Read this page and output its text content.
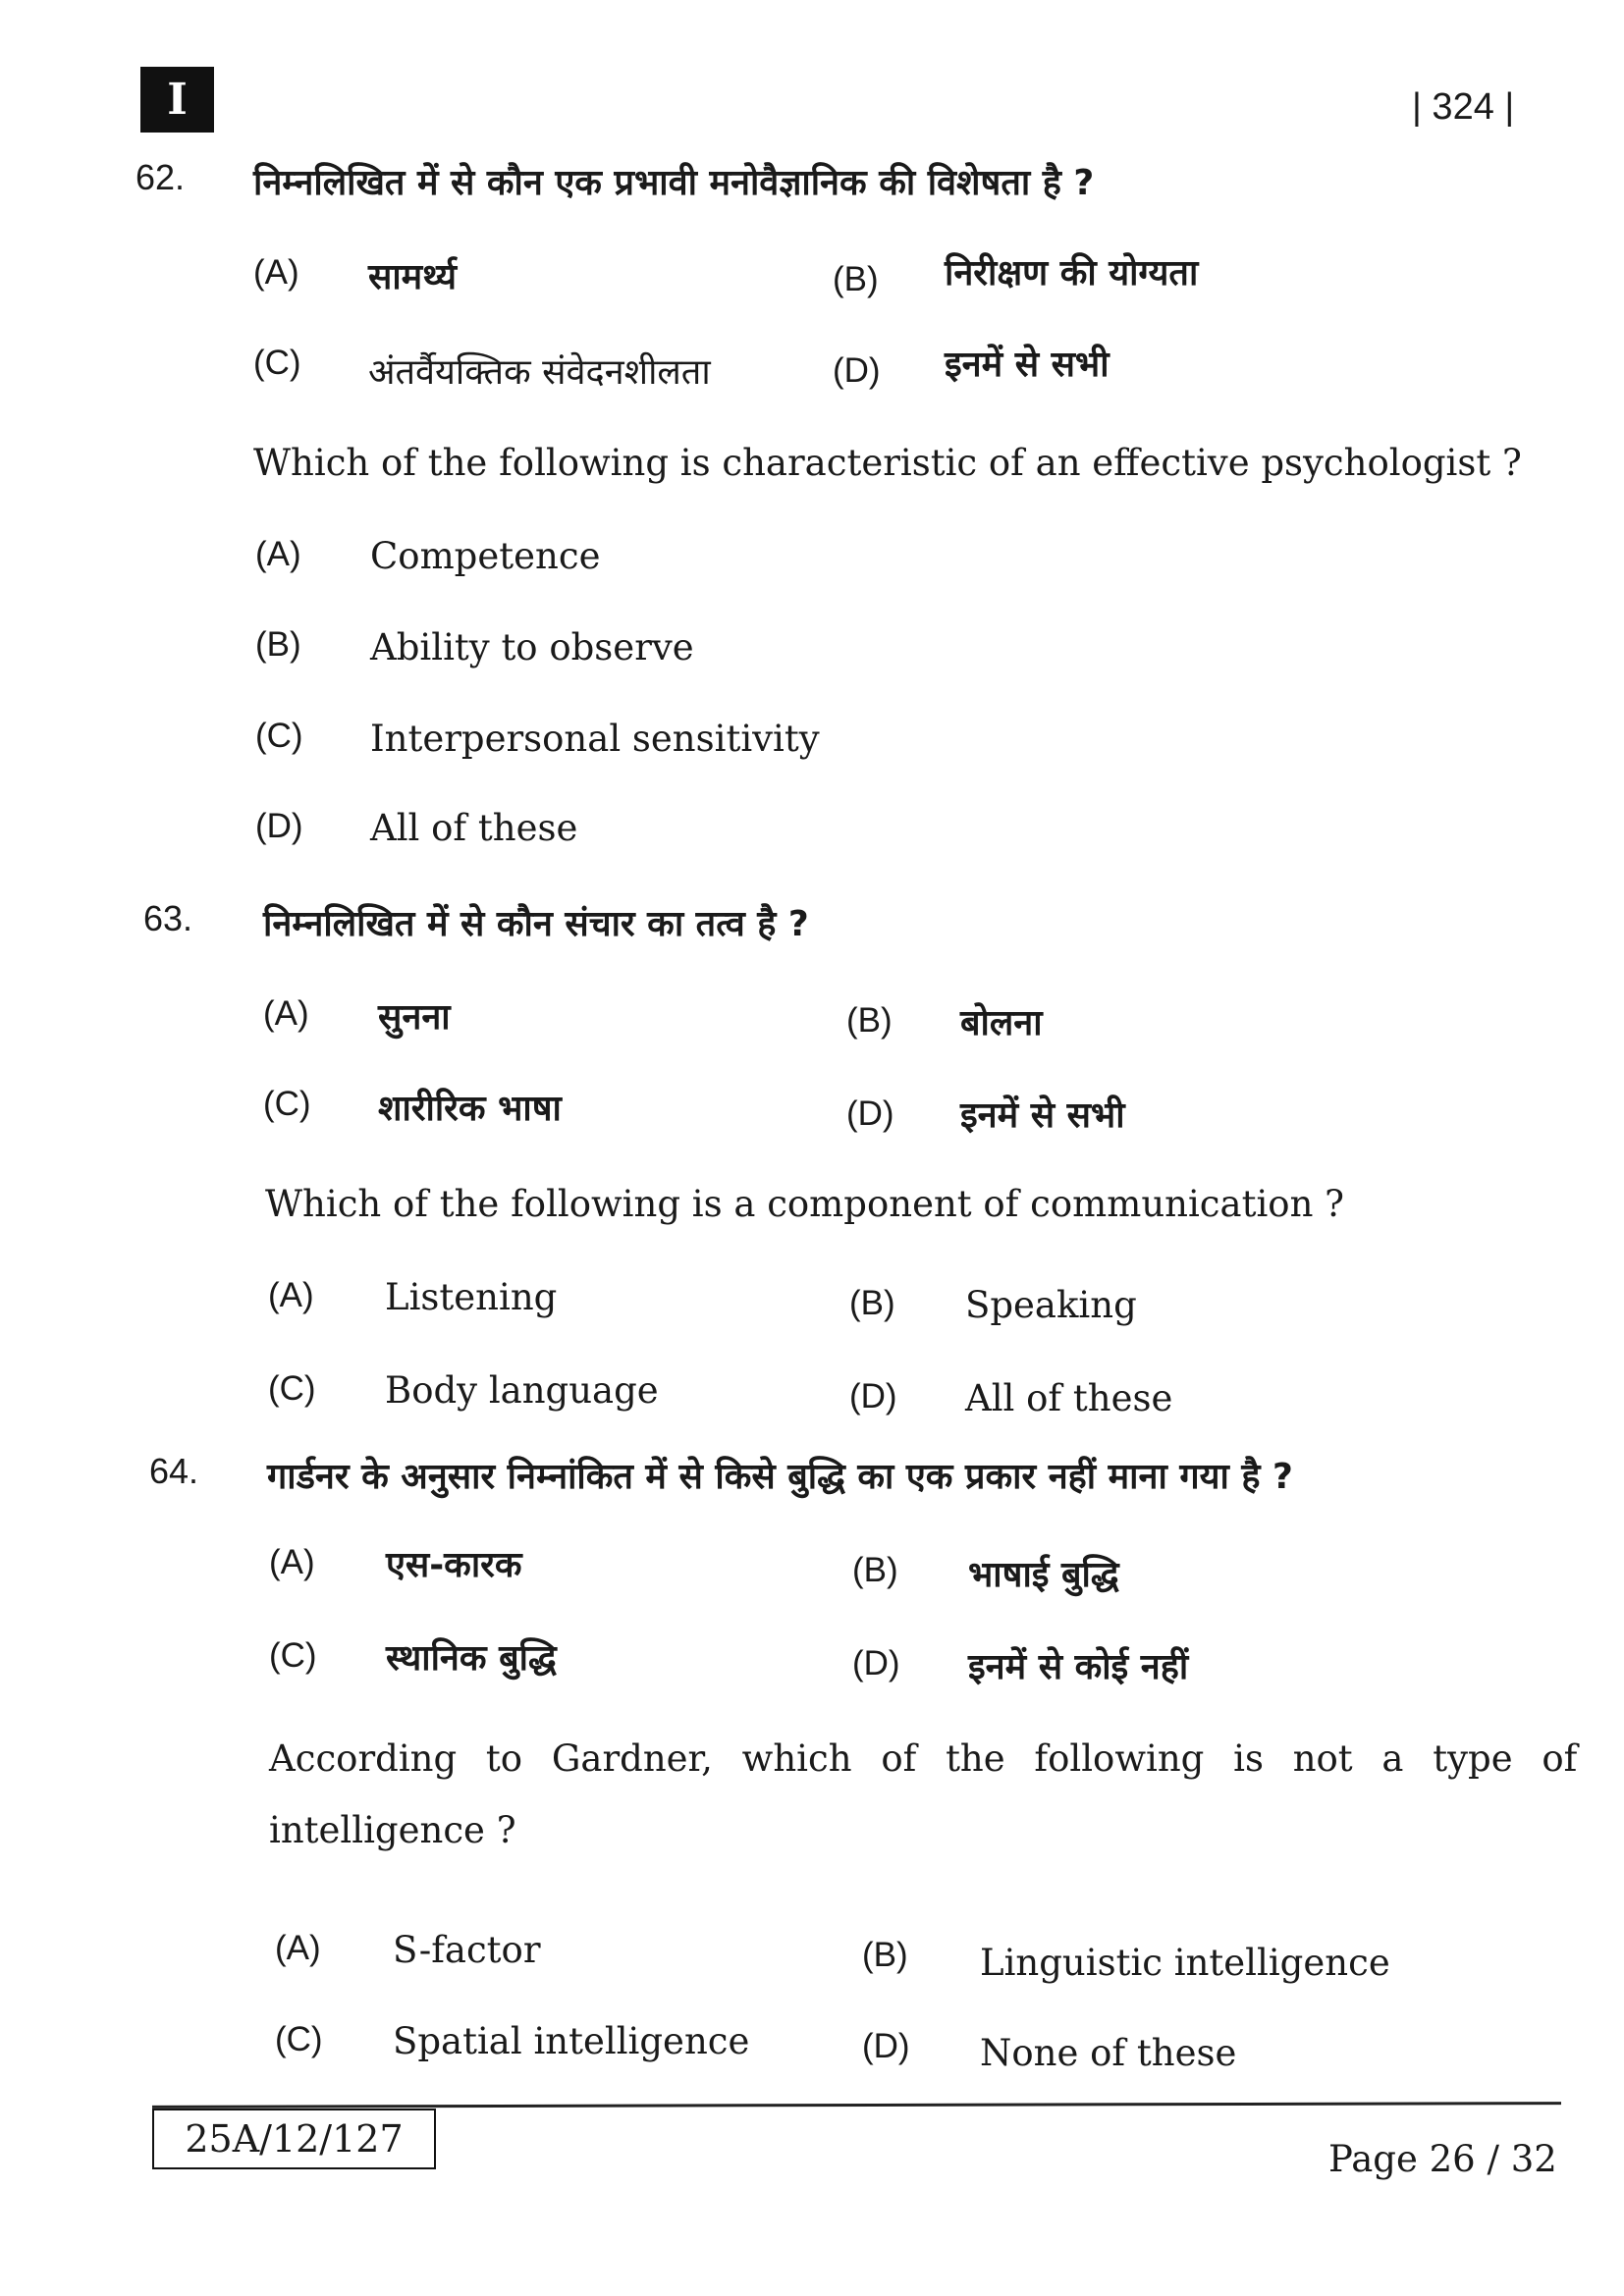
I	| 324 |
62. निम्नलिखित में से कौन एक प्रभावी मनोवैज्ञानिक की विशेषता है ?
(A) सामर्थ्य	(B) निरीक्षण की योग्यता
(C) अंतर्वैयक्तिक संवेदनशीलता	(D) इनमें से सभी
Which of the following is characteristic of an effective psychologist ?
(A) Competence
(B) Ability to observe
(C) Interpersonal sensitivity
(D) All of these
63. निम्नलिखित में से कौन संचार का तत्व है ?
(A) सुनना	(B) बोलना
(C) शारीरिक भाषा	(D) इनमें से सभी
Which of the following is a component of communication ?
(A) Listening	(B) Speaking
(C) Body language	(D) All of these
64. गार्डनर के अनुसार निम्नांकित में से किसे बुद्धि का एक प्रकार नहीं माना गया है ?
(A) एस-कारक	(B) भाषाई बुद्धि
(C) स्थानिक बुद्धि	(D) इनमें से कोई नहीं
According to Gardner, which of the following is not a type of
intelligence ?
(A) S-factor	(B) Linguistic intelligence
(C) Spatial intelligence	(D) None of these
25A/12/127	Page 26 / 32
